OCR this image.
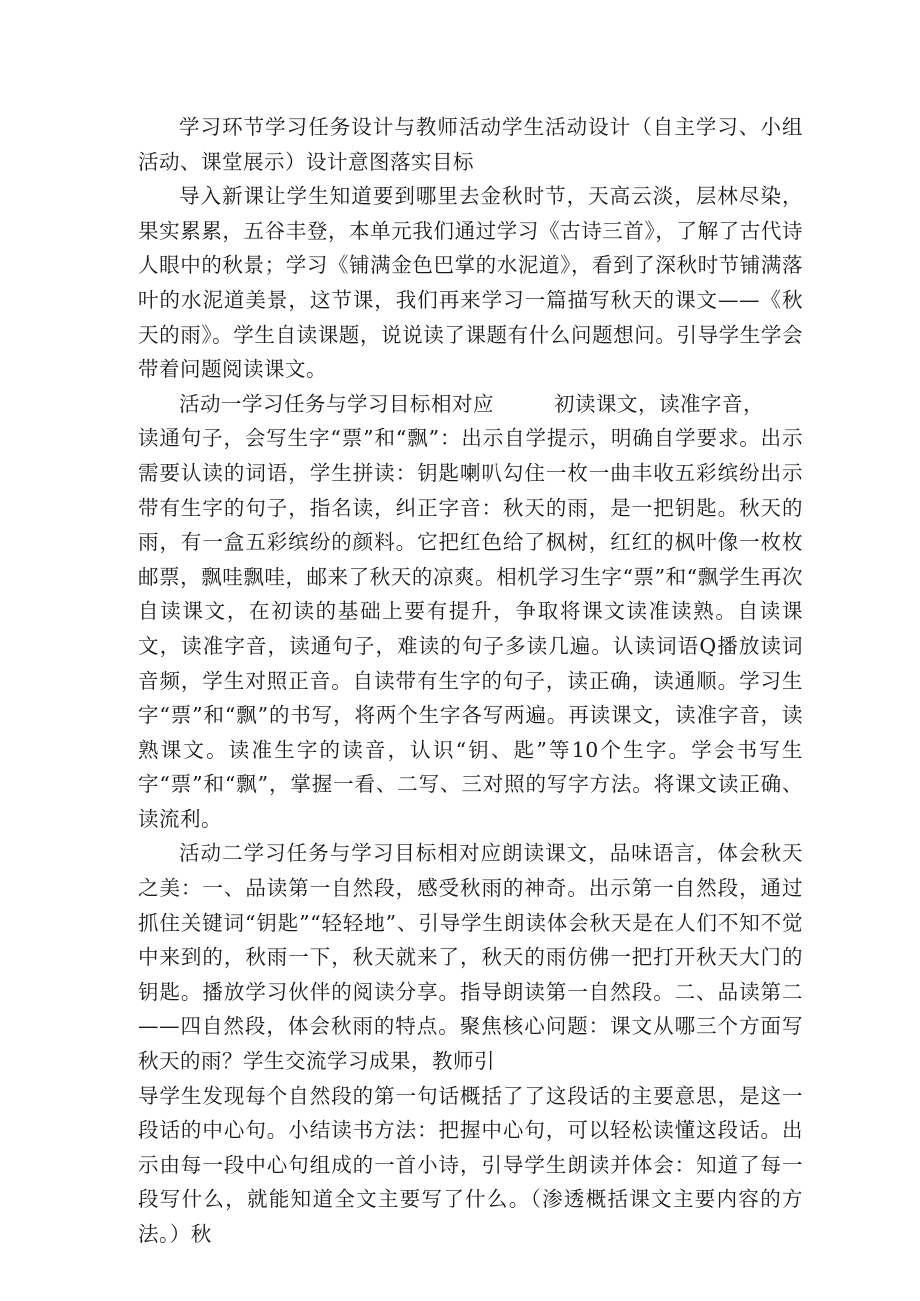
学习环节学习任务设计与教师活动学生活动设计（自主学习、小组活动、课堂展示）设计意图落实目标

导入新课让学生知道要到哪里去金秋时节，天高云淡，层林尽染，果实累累，五谷丰登，本单元我们通过学习《古诗三首》，了解了古代诗人眼中的秋景；学习《铺满金色巴掌的水泥道》，看到了深秋时节铺满落叶的水泥道美景，这节课，我们再来学习一篇描写秋天的课文——《秋天的雨》。学生自读课题，说说读了课题有什么问题想问。引导学生学会带着问题阅读课文。

活动一学习任务与学习目标相对应	初读课文，读准字音，
读通句子，会写生字“票”和“飘”：出示自学提示，明确自学要求。出示需要认读的词语，学生拼读：钥匙喇叭勾住一枚一曲丰收五彩缤纷出示带有生字的句子，指名读，纠正字音：秋天的雨，是一把钥匙。秋天的雨，有一盒五彩缤纷的颜料。它把红色给了枫树，红红的枫叶像一枚枚邮票，飘哇飘哇，邮来了秋天的凉爽。相机学习生字“票”和“飘学生再次自读课文，在初读的基础上要有提升，争取将课文读准读熟。自读课文，读准字音，读通句子，难读的句子多读几遍。认读词语Q播放读词音频，学生对照正音。自读带有生字的句子，读正确，读通顺。学习生字“票”和“飘”的书写，将两个生字各写两遍。再读课文，读准字音，读熟课文。读准生字的读音，认识“钥、匙”等10个生字。学会书写生字“票”和“飘”，掌握一看、二写、三对照的写字方法。将课文读正确、读流利。

活动二学习任务与学习目标相对应朗读课文，品味语言，体会秋天之美：一、品读第一自然段，感受秋雨的神奇。出示第一自然段，通过抓住关键词“钥匙”“轻轻地”、引导学生朗读体会秋天是在人们不知不觉中来到的，秋雨一下，秋天就来了，秋天的雨仿佛一把打开秋天大门的钥匙。播放学习伙伴的阅读分享。指导朗读第一自然段。二、品读第二——四自然段，体会秋雨的特点。聚焦核心问题：课文从哪三个方面写秋天的雨？学生交流学习成果，教师引

导学生发现每个自然段的第一句话概括了了这段话的主要意思，是这一段话的中心句。小结读书方法：把握中心句，可以轻松读懂这段话。出示由每一段中心句组成的一首小诗，引导学生朗读并体会：知道了每一段写什么，就能知道全文主要写了什么。（渗透概括课文主要内容的方法。）秋
